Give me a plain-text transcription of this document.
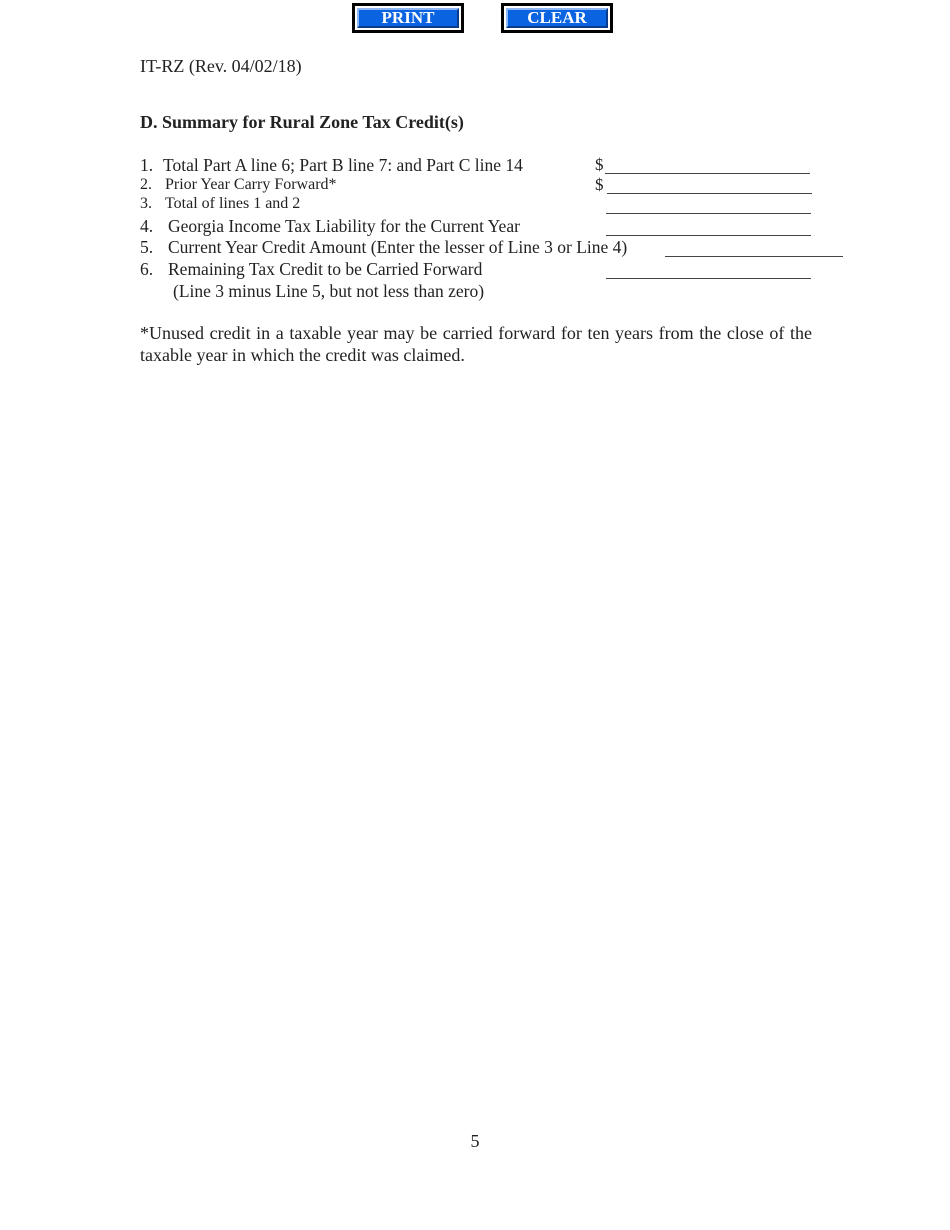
PRINT	CLEAR
IT-RZ (Rev. 04/02/18)
D. Summary for Rural Zone Tax Credit(s)
1. Total Part A line 6; Part B line 7: and Part C line 14	$
2. Prior Year Carry Forward*	$
3. Total of lines 1 and 2
4. Georgia Income Tax Liability for the Current Year
5. Current Year Credit Amount (Enter the lesser of Line 3 or Line 4)
6. Remaining Tax Credit to be Carried Forward
(Line 3 minus Line 5, but not less than zero)
*Unused credit in a taxable year may be carried forward for ten years from the close of the taxable year in which the credit was claimed.
5
